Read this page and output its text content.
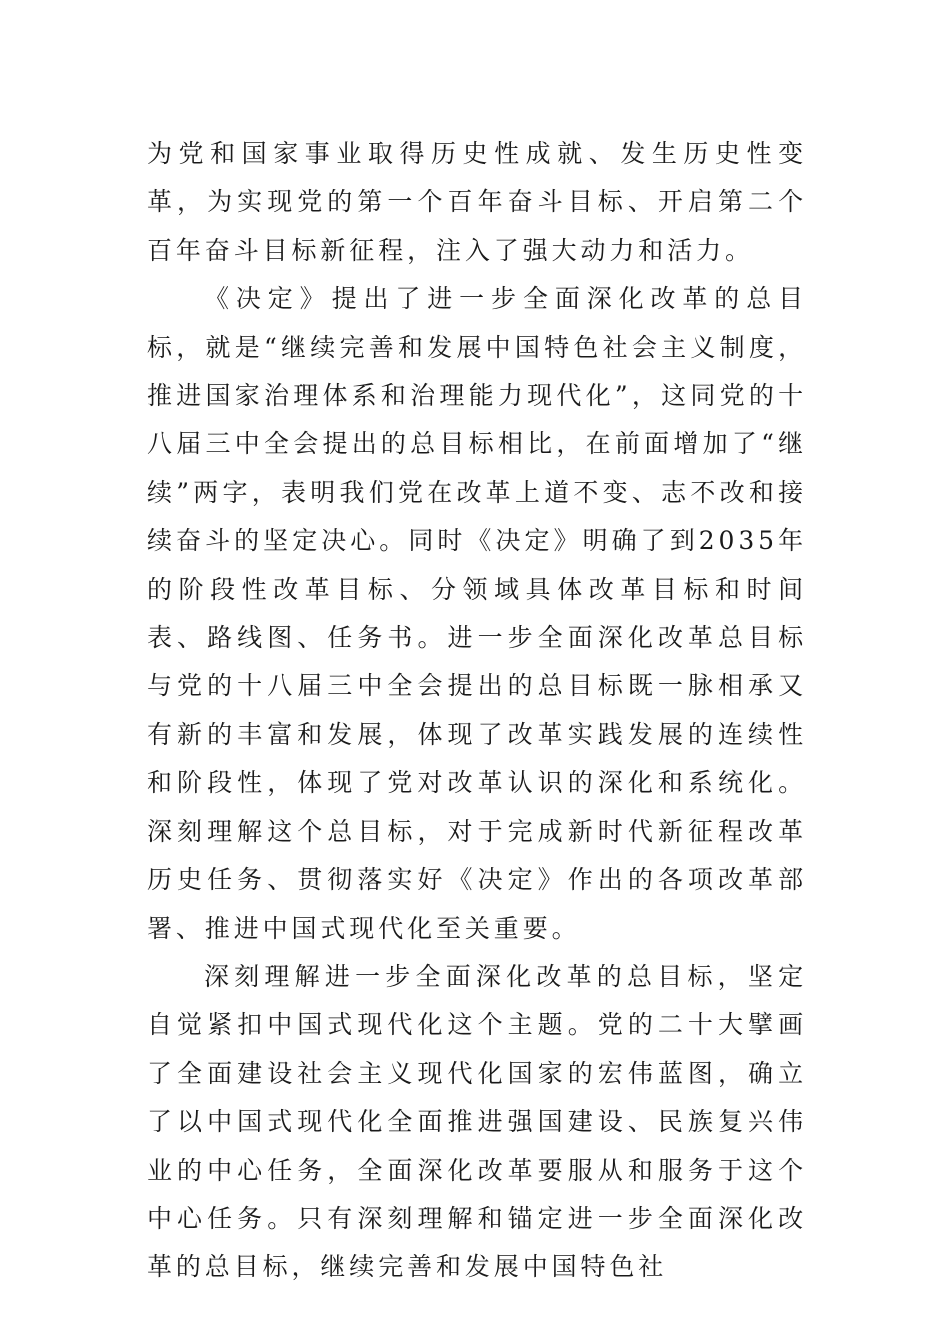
为党和国家事业取得历史性成就、发生历史性变革，为实现党的第一个百年奋斗目标、开启第二个百年奋斗目标新征程，注入了强大动力和活力。

《决定》提出了进一步全面深化改革的总目标，就是“继续完善和发展中国特色社会主义制度，推进国家治理体系和治理能力现代化”，这同党的十八届三中全会提出的总目标相比，在前面增加了“继续”两字，表明我们党在改革上道不变、志不改和接续奋斗的坚定决心。同时《决定》明确了到2035年的阶段性改革目标、分领域具体改革目标和时间表、路线图、任务书。进一步全面深化改革总目标与党的十八届三中全会提出的总目标既一脉相承又有新的丰富和发展，体现了改革实践发展的连续性和阶段性，体现了党对改革认识的深化和系统化。深刻理解这个总目标，对于完成新时代新征程改革历史任务、贯彻落实好《决定》作出的各项改革部署、推进中国式现代化至关重要。

深刻理解进一步全面深化改革的总目标，坚定自觉紧扣中国式现代化这个主题。党的二十大擘画了全面建设社会主义现代化国家的宏伟蓝图，确立了以中国式现代化全面推进强国建设、民族复兴伟业的中心任务，全面深化改革要服从和服务于这个中心任务。只有深刻理解和锚定进一步全面深化改革的总目标，继续完善和发展中国特色社
